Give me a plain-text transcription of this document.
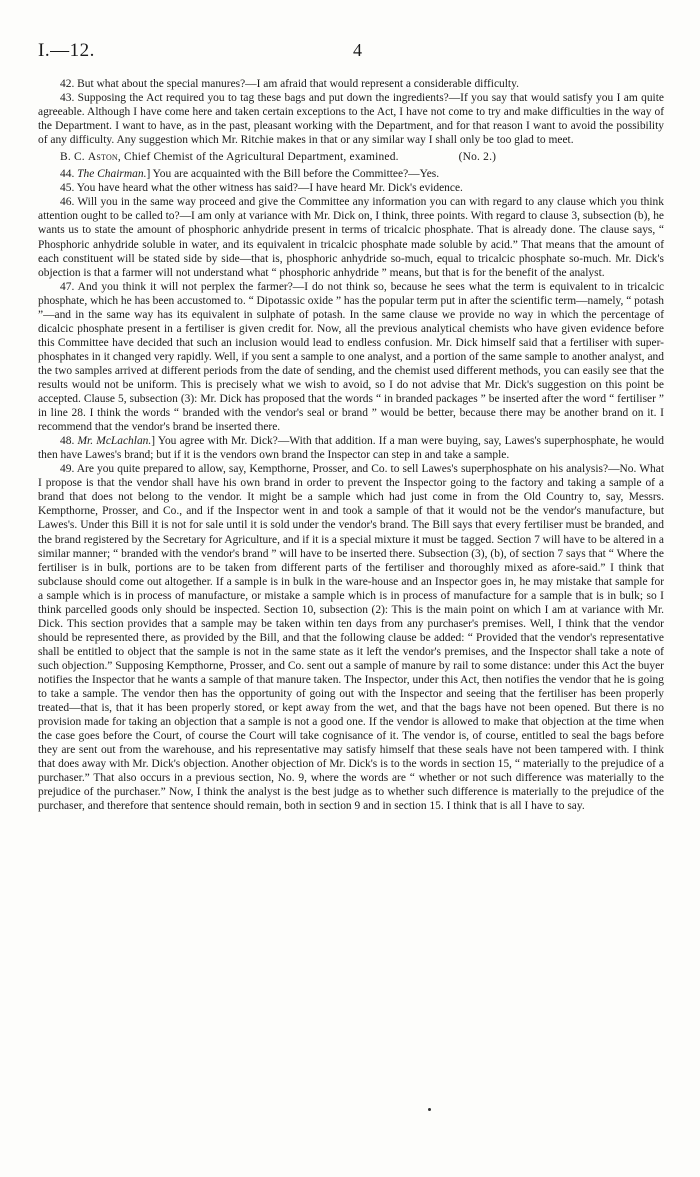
I.—12.	4

42. But what about the special manures?—I am afraid that would represent a considerable difficulty.

43. Supposing the Act required you to tag these bags and put down the ingredients?—If you say that would satisfy you I am quite agreeable. Although I have come here and taken certain exceptions to the Act, I have not come to try and make difficulties in the way of the Department. I want to have, as in the past, pleasant working with the Department, and for that reason I want to avoid the possibility of any difficulty. Any suggestion which Mr. Ritchie makes in that or any similar way I shall only be too glad to meet.

B. C. Aston, Chief Chemist of the Agricultural Department, examined.	(No. 2.)

44. The Chairman.] You are acquainted with the Bill before the Committee?—Yes.

45. You have heard what the other witness has said?—I have heard Mr. Dick's evidence.

46. Will you in the same way proceed and give the Committee any information you can with regard to any clause which you think attention ought to be called to?—I am only at variance with Mr. Dick on, I think, three points. With regard to clause 3, subsection (b), he wants us to state the amount of phosphoric anhydride present in terms of tricalcic phosphate. That is already done. The clause says, “ Phosphoric anhydride soluble in water, and its equivalent in tricalcic phosphate made soluble by acid.” That means that the amount of each constituent will be stated side by side—that is, phosphoric anhydride so-much, equal to tricalcic phosphate so-much. Mr. Dick's objection is that a farmer will not understand what “ phosphoric anhydride ” means, but that is for the benefit of the analyst.

47. And you think it will not perplex the farmer?—I do not think so, because he sees what the term is equivalent to in tricalcic phosphate, which he has been accustomed to. “ Dipotassic oxide ” has the popular term put in after the scientific term—namely, “ potash ”—and in the same way has its equivalent in sulphate of potash. In the same clause we provide no way in which the percentage of dicalcic phosphate present in a fertiliser is given credit for. Now, all the previous analytical chemists who have given evidence before this Committee have decided that such an inclusion would lead to endless confusion. Mr. Dick himself said that a fertiliser with super-phosphates in it changed very rapidly. Well, if you sent a sample to one analyst, and a portion of the same sample to another analyst, and the two samples arrived at different periods from the date of sending, and the chemist used different methods, you can easily see that the results would not be uniform. This is precisely what we wish to avoid, so I do not advise that Mr. Dick's suggestion on this point be accepted. Clause 5, subsection (3): Mr. Dick has proposed that the words “ in branded packages ” be inserted after the word “ fertiliser ” in line 28. I think the words “ branded with the vendor's seal or brand ” would be better, because there may be another brand on it. I recommend that the vendor's brand be inserted there.

48. Mr. McLachlan.] You agree with Mr. Dick?—With that addition. If a man were buying, say, Lawes's superphosphate, he would then have Lawes's brand; but if it is the vendors own brand the Inspector can step in and take a sample.

49. Are you quite prepared to allow, say, Kempthorne, Prosser, and Co. to sell Lawes's superphosphate on his analysis?—No. What I propose is that the vendor shall have his own brand in order to prevent the Inspector going to the factory and taking a sample of a brand that does not belong to the vendor. It might be a sample which had just come in from the Old Country to, say, Messrs. Kempthorne, Prosser, and Co., and if the Inspector went in and took a sample of that it would not be the vendor's manufacture, but Lawes's. Under this Bill it is not for sale until it is sold under the vendor's brand. The Bill says that every fertiliser must be branded, and the brand registered by the Secretary for Agriculture, and if it is a special mixture it must be tagged. Section 7 will have to be altered in a similar manner; “ branded with the vendor's brand ” will have to be inserted there. Subsection (3), (b), of section 7 says that “ Where the fertiliser is in bulk, portions are to be taken from different parts of the fertiliser and thoroughly mixed as afore-said.” I think that subclause should come out altogether. If a sample is in bulk in the ware-house and an Inspector goes in, he may mistake that sample for a sample which is in process of manufacture, or mistake a sample which is in process of manufacture for a sample that is in bulk; so I think parcelled goods only should be inspected. Section 10, subsection (2): This is the main point on which I am at variance with Mr. Dick. This section provides that a sample may be taken within ten days from any purchaser's premises. Well, I think that the vendor should be represented there, as provided by the Bill, and that the following clause be added: “ Provided that the vendor's representative shall be entitled to object that the sample is not in the same state as it left the vendor's premises, and the Inspector shall take a note of such objection.” Supposing Kempthorne, Prosser, and Co. sent out a sample of manure by rail to some distance: under this Act the buyer notifies the Inspector that he wants a sample of that manure taken. The Inspector, under this Act, then notifies the vendor that he is going to take a sample. The vendor then has the opportunity of going out with the Inspector and seeing that the fertiliser has been properly treated—that is, that it has been properly stored, or kept away from the wet, and that the bags have not been opened. But there is no provision made for taking an objection that a sample is not a good one. If the vendor is allowed to make that objection at the time when the case goes before the Court, of course the Court will take cognisance of it. The vendor is, of course, entitled to seal the bags before they are sent out from the warehouse, and his representative may satisfy himself that these seals have not been tampered with. I think that does away with Mr. Dick's objection. Another objection of Mr. Dick's is to the words in section 15, “ materially to the prejudice of a purchaser.” That also occurs in a previous section, No. 9, where the words are “ whether or not such difference was materially to the prejudice of the purchaser.” Now, I think the analyst is the best judge as to whether such difference is materially to the prejudice of the purchaser, and therefore that sentence should remain, both in section 9 and in section 15. I think that is all I have to say.
